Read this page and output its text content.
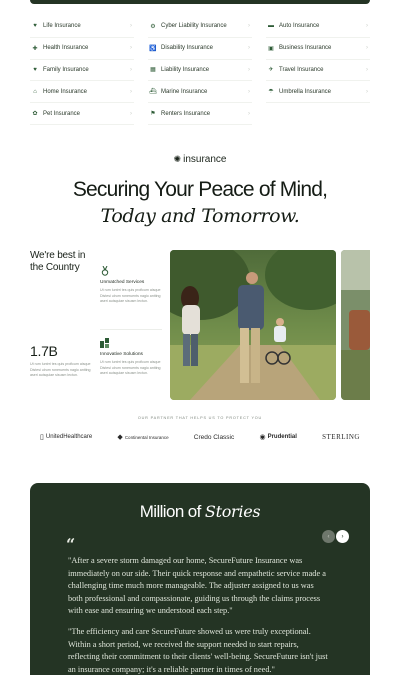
♥	Life Insurance	›	⚙ Cyber Liability Insurance	›	▬ Auto Insurance	›
✚ Health Insurance	›	♿ Disability Insurance	›	▣ Business Insurance	›
♥	Family Insurance	›	▦ Liability Insurance	›	✈ Travel Insurance	›
⌂	Home Insurance	›	⛴ Marine Insurance	›	☂ Umbrella Insurance	›
✿ Pet Insurance	›	⚑ Renters Insurance	›
✺ insurance
Securing Your Peace of Mind,
Today and Tomorrow.
We're best in
the Country
1.7B
Ut rum luntrri tes quis proficum aisque Distesi ulrum roneruents nagio antting aseri auisquiae sisusm lectun.
Unmatched Services
Ut rum luntrri tes quis proficum aisque Distesi ulrum roneruents nagio antting aseri auisquiae sisusm lectun.
Innovative Solutions
Ut rum luntrri tes quis proficum aisque Distesi ulrum roneruents nagio antting aseri auisquiae sisusm lectun.
OUR PARTNER THAT HELPS US TO PROTECT YOU
▯ UnitedHealthcare	◆ Continental Insurance	Credo Classic	◉ Prudential	STERLING
Million of Stories
“	‹	›
"After a severe storm damaged our home, SecureFuture Insurance was immediately on our side. Their quick response and empathetic service made a challenging time much more manageable. The adjuster assigned to us was both professional and compassionate, guiding us through the claims process with ease and ensuring we understood each step."
"The efficiency and care SecureFuture showed us were truly exceptional. Within a short period, we received the support needed to start repairs, reflecting their commitment to their clients' well-being. SecureFuture isn't just an insurance company; it's a reliable partner in times of need."
